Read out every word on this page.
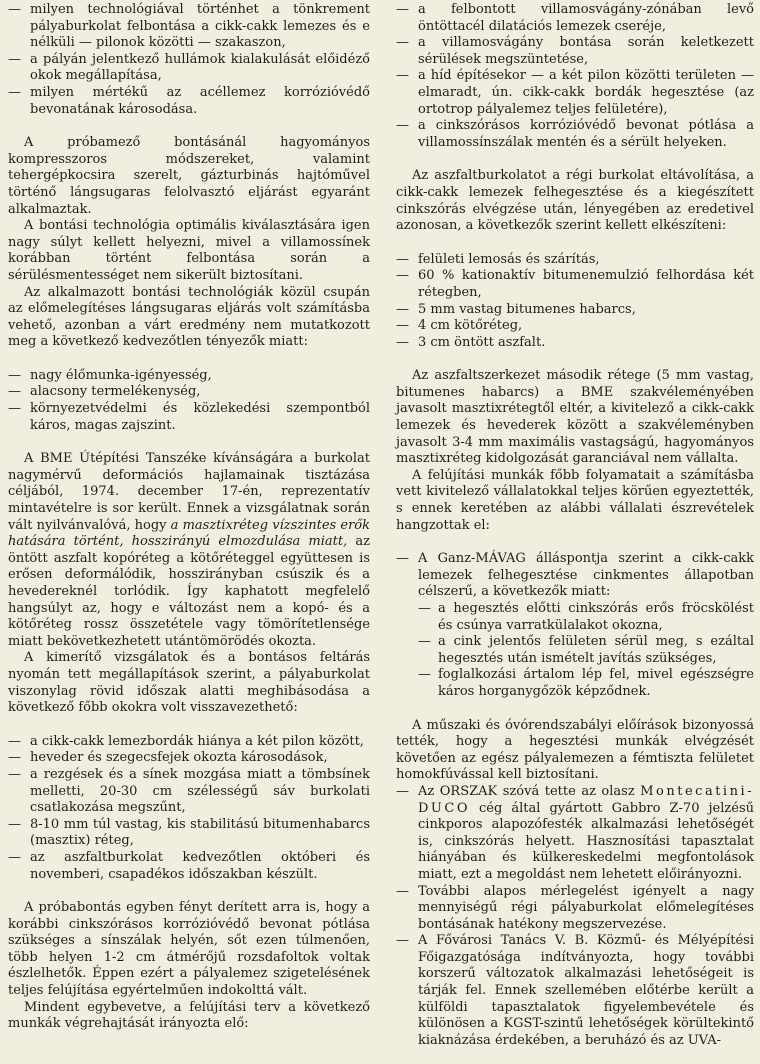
— milyen technológiával történhet a tönkrement pályaburkolat felbontása a cikk-cakk lemezes és e nélküli — pilonok közötti — szakaszon,
— a pályán jelentkező hullámok kialakulását előidéző okok megállapítása,
— milyen mértékű az acéllemez korrózióvédő bevonatának károsodása.

A próbamező bontásánál hagyományos kompresszoros módszereket, valamint tehergépkocsira szerelt, gázturbinás hajtóművel történő lángsugaras felolvasztó eljárást egyaránt alkalmaztak.

A bontási technológia optimális kiválasztására igen nagy súlyt kellett helyezni, mivel a villamossínek korábban történt felbontása során a sérülésmentességet nem sikerült biztosítani.

Az alkalmazott bontási technológiák közül csupán az előmelegítéses lángsugaras eljárás volt számításba vehető, azonban a várt eredmény nem mutatkozott meg a következő kedvezőtlen tényezők miatt:

— nagy élőmunka-igényesség,
— alacsony termelékenység,
— környezetvédelmi és közlekedési szempontból káros, magas zajszint.

A BME Útépítési Tanszéke kívánságára a burkolat nagymérvű deformációs hajlamainak tisztázása céljából, 1974. december 17-én, reprezentatív mintavételre is sor került. Ennek a vizsgálatnak során vált nyilvánvalóvá, hogy a masztixréteg vízszintes erők hatására történt, hosszirányú elmozdulása miatt, az öntött aszfalt kopóréteg a kötőréteggel együttesen is erősen deformálódik, hosszirányban csúszik és a hevedereknél torlódik. Így kaphatott megfelelő hangsúlyt az, hogy e változást nem a kopó- és a kötőréteg rossz összetétele vagy tömörítetlensége miatt bekövetkezhetett utántömörödés okozta.

A kimerítő vizsgálatok és a bontásos feltárás nyomán tett megállapítások szerint, a pályaburkolat viszonylag rövid időszak alatti meghibásodása a következő főbb okokra volt visszavezethető:

— a cikk-cakk lemezbordák hiánya a két pilon között,
— heveder és szegecsfejek okozta károsodások,
— a rezgések és a sínek mozgása miatt a tömbsínek melletti, 20-30 cm szélességű sáv burkolati csatlakozása megszűnt,
— 8-10 mm túl vastag, kis stabilitású bitumenhabarcs (masztix) réteg,
— az aszfaltburkolat kedvezőtlen októberi és novemberi, csapadékos időszakban készült.

A próbabontás egyben fényt derített arra is, hogy a korábbi cinkszórásos korrózióvédő bevonat pótlása szükséges a sínszálak helyén, sőt ezen túlmenően, több helyen 1-2 cm átmérőjű rozsdafoltok voltak észlelhetők. Éppen ezért a pályalemez szigetelésének teljes felújítása egyértelműen indokolttá vált.

Mindent egybevetve, a felújítási terv a következő munkák végrehajtását irányozta elő:

— a felbontott villamosvágány-zónában levő öntöttacél dilatációs lemezek cseréje,
— a villamosvágány bontása során keletkezett sérülések megszüntetése,
— a híd építésekor — a két pilon közötti területen — elmaradt, ún. cikk-cakk bordák hegesztése (az ortotrop pályalemez teljes felületére),
— a cinkszórásos korrózióvédő bevonat pótlása a villamossínszálak mentén és a sérült helyeken.

Az aszfaltburkolatot a régi burkolat eltávolítása, a cikk-cakk lemezek felhegesztése és a kiegészített cinkszórás elvégzése után, lényegében az eredetivel azonosan, a következők szerint kellett elkészíteni:

— felületi lemosás és szárítás,
— 60 % kationaktív bitumenemulzió felhordása két rétegben,
— 5 mm vastag bitumenes habarcs,
— 4 cm kötőréteg,
— 3 cm öntött aszfalt.

Az aszfaltszerkezet második rétege (5 mm vastag, bitumenes habarcs) a BME szakvéleményében javasolt masztixrétegtől eltér, a kivitelező a cikk-cakk lemezek és hevederek között a szakvéleményben javasolt 3-4 mm maximális vastagságú, hagyományos masztixréteg kidolgozását garanciával nem vállalta.

A felújítási munkák főbb folyamatait a számításba vett kivitelező vállalatokkal teljes körűen egyeztették, s ennek keretében az alábbi vállalati észrevételek hangzottak el:

— A Ganz-MÁVAG álláspontja szerint a cikk-cakk lemezek felhegesztése cinkmentes állapotban célszerű, a következők miatt:
— a hegesztés előtti cinkszórás erős fröcskölést és csúnya varratkülalakot okozna,
— a cink jelentős felületen sérül meg, s ezáltal hegesztés után ismételt javítás szükséges,
— foglalkozási ártalom lép fel, mivel egészségre káros horganygőzök képződnek.

A műszaki és óvórendszabályi előírások bizonyossá tették, hogy a hegesztési munkák elvégzését követően az egész pályalemezen a fémtiszta felületet homokfúvással kell biztosítani.

— Az ORSZAK szóvá tette az olasz Montecatini-DUCO cég által gyártott Gabbro Z-70 jelzésű cinkporos alapozófesték alkalmazási lehetőségét is, cinkszórás helyett. Hasznosítási tapasztalat hiányában és külkereskedelmi megfontolások miatt, ezt a megoldást nem lehetett előirányozni.
— További alapos mérlegelést igényelt a nagy mennyiségű régi pályaburkolat előmelegítéses bontásának hatékony megszervezése.
— A Fővárosi Tanács V. B. Közmű- és Mélyépítési Főigazgatósága indítványozta, hogy további korszerű változatok alkalmazási lehetőségeit is tárják fel. Ennek szellemében előtérbe került a külföldi tapasztalatok figyelembevétele és különösen a KGST-szintű lehetőségek körültekintő kiaknázása érdekében, a beruházó és az UVA-
